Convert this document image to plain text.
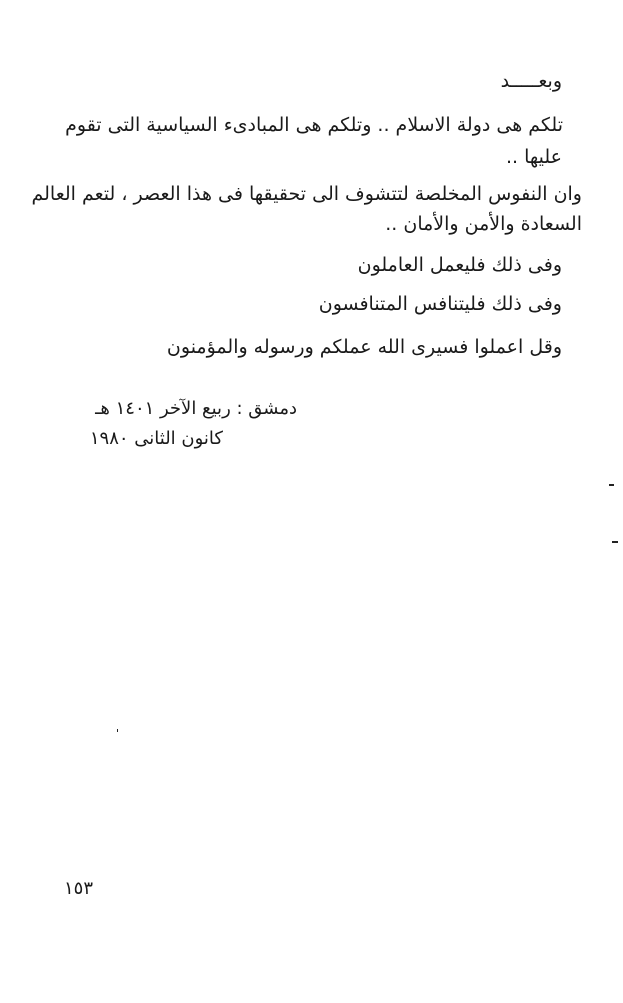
وبعـــــد
تلكم هى دولة الاسلام .. وتلكم هى المبادىء السياسية التى تقوم
عليها ..
وان النفوس المخلصة لتتشوف الى تحقيقها فى هذا العصر ، لتعم العالم
السعادة والأمن والأمان ..
وفى ذلك فليعمل العاملون
وفى ذلك فليتنافس المتنافسون
وقل اعملوا فسيرى الله عملكم ورسوله والمؤمنون
دمشق : ربيع الآخر ١٤٠١ هـ
كانون الثانى ١٩٨٠
١٥٣
